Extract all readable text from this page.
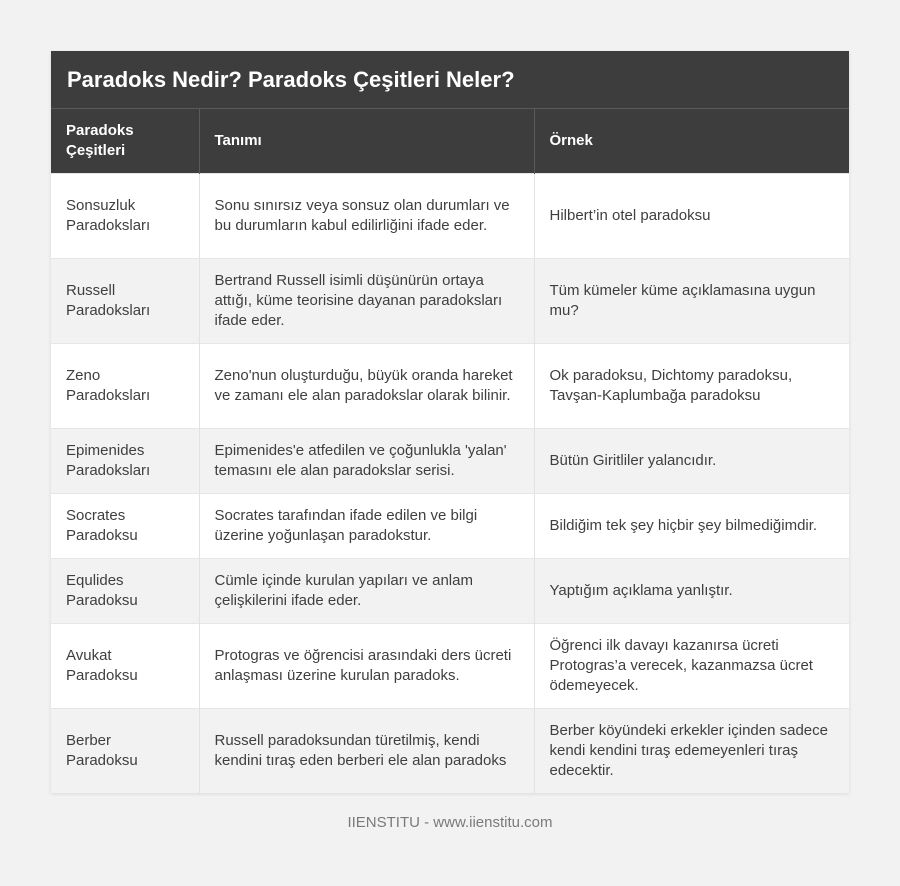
Paradoks Nedir? Paradoks Çeşitleri Neler?
Paradoks Çeşitleri	Tanımı	Örnek
Sonsuzluk Paradoksları	Sonu sınırsız veya sonsuz olan durumları ve bu durumların kabul edilirliğini ifade eder.	Hilbert’in otel paradoksu
Russell Paradoksları	Bertrand Russell isimli düşünürün ortaya attığı, küme teorisine dayanan paradoksları ifade eder.	Tüm kümeler küme açıklamasına uygun mu?
Zeno Paradoksları	Zeno'nun oluşturduğu, büyük oranda hareket ve zamanı ele alan paradokslar olarak bilinir.	Ok paradoksu, Dichtomy paradoksu, Tavşan-Kaplumbağa paradoksu
Epimenides Paradoksları	Epimenides'e atfedilen ve çoğunlukla 'yalan' temasını ele alan paradokslar serisi.	Bütün Giritliler yalancıdır.
Socrates Paradoksu	Socrates tarafından ifade edilen ve bilgi üzerine yoğunlaşan paradokstur.	Bildiğim tek şey hiçbir şey bilmediğimdir.
Equlides Paradoksu	Cümle içinde kurulan yapıları ve anlam çelişkilerini ifade eder.	Yaptığım açıklama yanlıştır.
Avukat Paradoksu	Protogras ve öğrencisi arasındaki ders ücreti anlaşması üzerine kurulan paradoks.	Öğrenci ilk davayı kazanırsa ücreti Protogras’a verecek, kazanmazsa ücret ödemeyecek.
Berber Paradoksu	Russell paradoksundan türetilmiş, kendi kendini tıraş eden berberi ele alan paradoks	Berber köyündeki erkekler içinden sadece kendi kendini tıraş edemeyenleri tıraş edecektir.
IIENSTITU - www.iienstitu.com
